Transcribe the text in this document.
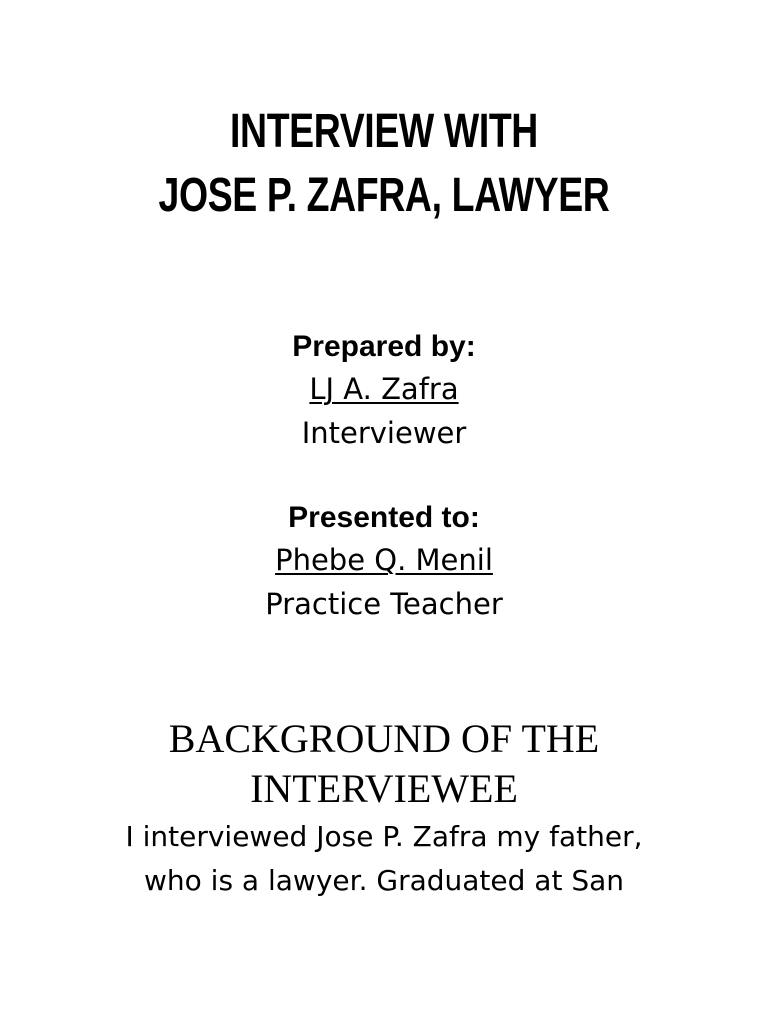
INTERVIEW WITH
JOSE P. ZAFRA, LAWYER
Prepared by:
LJ A. Zafra
Interviewer
Presented to:
Phebe Q. Menil
Practice Teacher
BACKGROUND OF THE
INTERVIEWEE

I interviewed Jose P. Zafra my father,
who is a lawyer. Graduated at San
